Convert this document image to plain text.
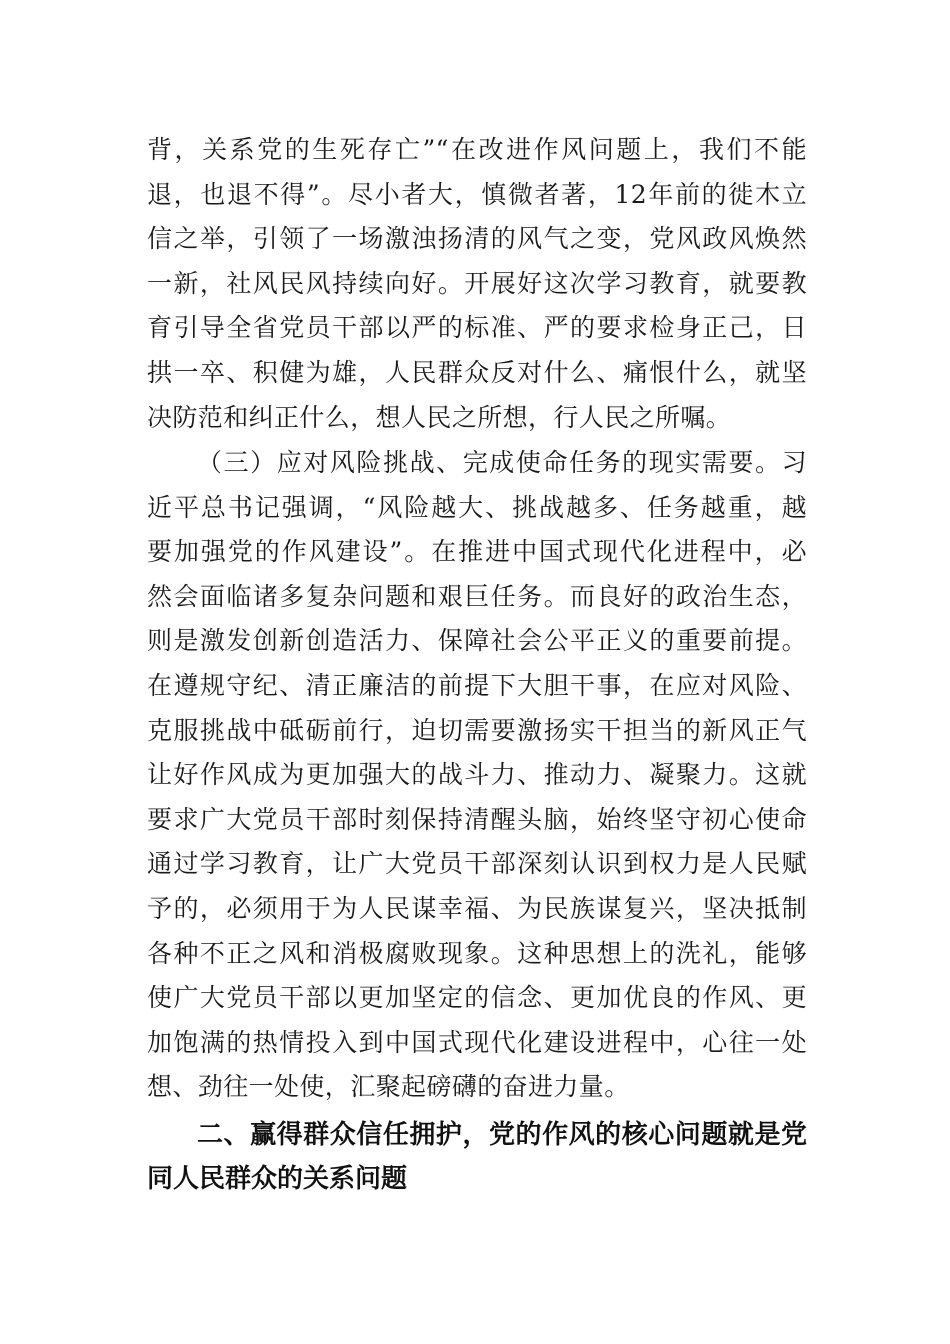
背，关系党的生死存亡”“在改进作风问题上，我们不能
退，也退不得”。尽小者大，慎微者著，12年前的徙木立
信之举，引领了一场激浊扬清的风气之变，党风政风焕然
一新，社风民风持续向好。开展好这次学习教育，就要教
育引导全省党员干部以严的标准、严的要求检身正己，日
拱一卒、积健为雄，人民群众反对什么、痛恨什么，就坚
决防范和纠正什么，想人民之所想，行人民之所嘱。
（三）应对风险挑战、完成使命任务的现实需要。习
近平总书记强调，“风险越大、挑战越多、任务越重，越
要加强党的作风建设”。在推进中国式现代化进程中，必
然会面临诸多复杂问题和艰巨任务。而良好的政治生态，
则是激发创新创造活力、保障社会公平正义的重要前提。
在遵规守纪、清正廉洁的前提下大胆干事，在应对风险、
克服挑战中砥砺前行，迫切需要激扬实干担当的新风正气
让好作风成为更加强大的战斗力、推动力、凝聚力。这就
要求广大党员干部时刻保持清醒头脑，始终坚守初心使命
通过学习教育，让广大党员干部深刻认识到权力是人民赋
予的，必须用于为人民谋幸福、为民族谋复兴，坚决抵制
各种不正之风和消极腐败现象。这种思想上的洗礼，能够
使广大党员干部以更加坚定的信念、更加优良的作风、更
加饱满的热情投入到中国式现代化建设进程中，心往一处
想、劲往一处使，汇聚起磅礴的奋进力量。
二、赢得群众信任拥护，党的作风的核心问题就是党
同人民群众的关系问题
